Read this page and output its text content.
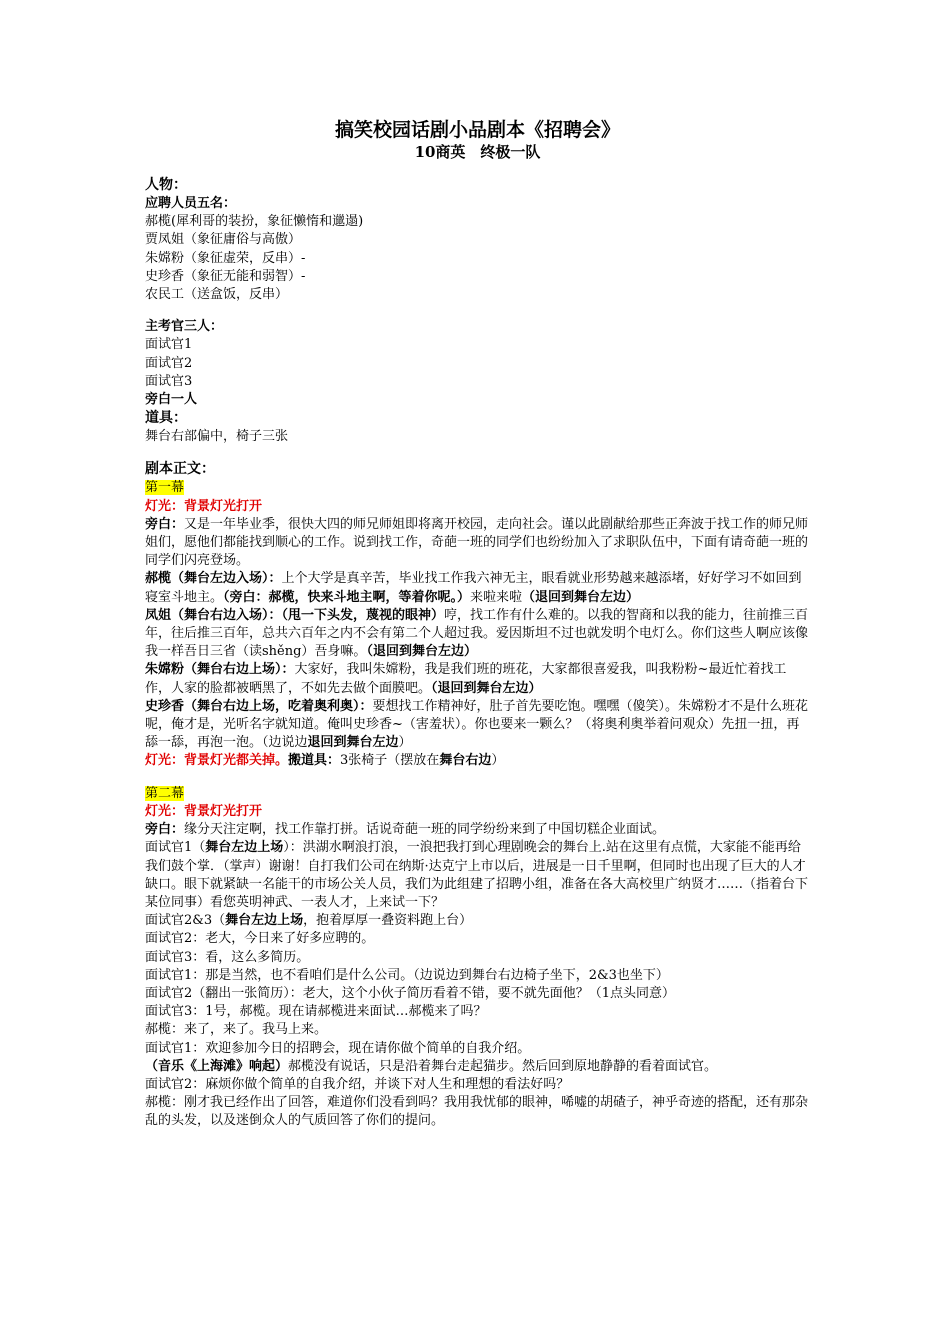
搞笑校园话剧小品剧本《招聘会》

10商英　终极一队

人物：

应聘人员五名：

郝榄(犀利哥的装扮，象征懒惰和邋遢)

贾凤姐（象征庸俗与高傲）

朱嫦粉（象征虚荣，反串）-

史珍香（象征无能和弱智）-

农民工（送盒饭，反串）

主考官三人：

面试官1

面试官2

面试官3

旁白一人

道具：

舞台右部偏中，椅子三张

剧本正文：

第一幕

灯光：背景灯光打开

旁白：又是一年毕业季，很快大四的师兄师姐即将离开校园，走向社会。谨以此剧献给那些正奔波于找工作的师兄师姐们，愿他们都能找到顺心的工作。说到找工作，奇葩一班的同学们也纷纷加入了求职队伍中，下面有请奇葩一班的同学们闪亮登场。

郝榄（舞台左边入场）：上个大学是真辛苦，毕业找工作我六神无主，眼看就业形势越来越添堵，好好学习不如回到寝室斗地主。（旁白：郝榄，快来斗地主啊，等着你呢。）来啦来啦（退回到舞台左边）

凤姐（舞台右边入场）：（甩一下头发，蔑视的眼神）哼，找工作有什么难的。以我的智商和以我的能力，往前推三百年，往后推三百年，总共六百年之内不会有第二个人超过我。爱因斯坦不过也就发明个电灯么。你们这些人啊应该像我一样吾日三省（读shěng）吾身嘛。（退回到舞台左边）

朱嫦粉（舞台右边上场）：大家好，我叫朱嫦粉，我是我们班的班花，大家都很喜爱我，叫我粉粉~最近忙着找工作，人家的脸都被晒黑了，不如先去做个面膜吧。（退回到舞台左边）

史珍香（舞台右边上场，吃着奥利奥）：要想找工作精神好，肚子首先要吃饱。嘿嘿（傻笑）。朱嫦粉才不是什么班花呢，俺才是，光听名字就知道。俺叫史珍香~（害羞状）。你也要来一颗么？（将奥利奥举着问观众）先扭一扭，再舔一舔，再泡一泡。（边说边退回到舞台左边）

灯光：背景灯光都关掉。搬道具：3张椅子（摆放在舞台右边）

第二幕

灯光：背景灯光打开

旁白：缘分天注定啊，找工作靠打拼。话说奇葩一班的同学纷纷来到了中国切糕企业面试。

面试官1（舞台左边上场）：洪湖水啊浪打浪，一浪把我打到心理剧晚会的舞台上.站在这里有点慌，大家能不能再给我们鼓个掌．（掌声）谢谢！自打我们公司在纳斯·达克宁上市以后，进展是一日千里啊，但同时也出现了巨大的人才缺口。眼下就紧缺一名能干的市场公关人员，我们为此组建了招聘小组，准备在各大高校里广纳贤才……（指着台下某位同事）看您英明神武、一表人才，上来试一下？

面试官2&3（舞台左边上场，抱着厚厚一叠资料跑上台）

面试官2：老大，今日来了好多应聘的。

面试官3：看，这么多简历。

面试官1：那是当然，也不看咱们是什么公司。（边说边到舞台右边椅子坐下，2&3也坐下）

面试官2（翻出一张简历）：老大，这个小伙子简历看着不错，要不就先面他？（1点头同意）

面试官3：1号，郝榄。现在请郝榄进来面试…郝榄来了吗？

郝榄：来了，来了。我马上来。

面试官1：欢迎参加今日的招聘会，现在请你做个简单的自我介绍。

（音乐《上海滩》响起）郝榄没有说话，只是沿着舞台走起猫步。然后回到原地静静的看着面试官。

面试官2：麻烦你做个简单的自我介绍，并谈下对人生和理想的看法好吗？

郝榄：刚才我已经作出了回答，难道你们没看到吗？我用我忧郁的眼神，唏嘘的胡碴子，神乎奇迹的搭配，还有那杂乱的头发，以及迷倒众人的气质回答了你们的提问。
